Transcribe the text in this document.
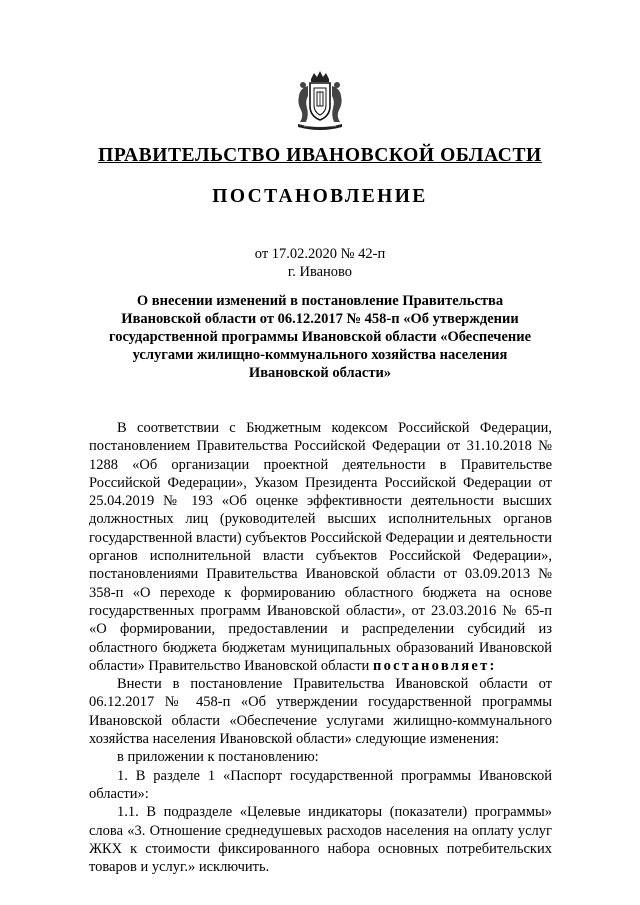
ПРАВИТЕЛЬСТВО ИВАНОВСКОЙ ОБЛАСТИ
ПОСТАНОВЛЕНИЕ
от 17.02.2020 № 42-п
г. Иваново
О внесении изменений в постановление Правительства
Ивановской области от 06.12.2017 № 458-п «Об утверждении
государственной программы Ивановской области «Обеспечение
услугами жилищно-коммунального хозяйства населения
Ивановской области»

В соответствии с Бюджетным кодексом Российской Федерации, постановлением Правительства Российской Федерации от 31.10.2018 № 1288 «Об организации проектной деятельности в Правительстве Российской Федерации», Указом Президента Российской Федерации от 25.04.2019 № 193 «Об оценке эффективности деятельности высших должностных лиц (руководителей высших исполнительных органов государственной власти) субъектов Российской Федерации и деятельности органов исполнительной власти субъектов Российской Федерации», постановлениями Правительства Ивановской области от 03.09.2013 № 358-п «О переходе к формированию областного бюджета на основе государственных программ Ивановской области», от 23.03.2016 № 65-п «О формировании, предоставлении и распределении субсидий из областного бюджета бюджетам муниципальных образований Ивановской области» Правительство Ивановской области постановляет:

Внести в постановление Правительства Ивановской области от 06.12.2017 № 458-п «Об утверждении государственной программы Ивановской области «Обеспечение услугами жилищно-коммунального хозяйства населения Ивановской области» следующие изменения:

в приложении к постановлению:

1. В разделе 1 «Паспорт государственной программы Ивановской области»:

1.1. В подразделе «Целевые индикаторы (показатели) программы» слова «3. Отношение среднедушевых расходов населения на оплату услуг ЖКХ к стоимости фиксированного набора основных потребительских товаров и услуг.» исключить.
